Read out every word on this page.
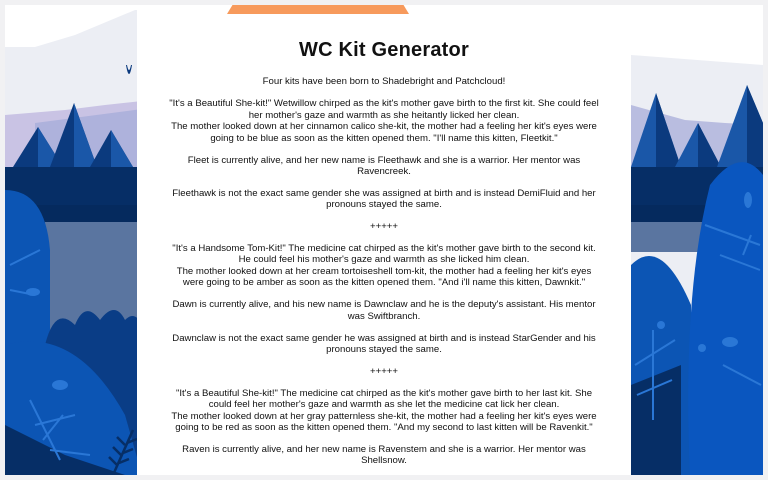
WC Kit Generator

Four kits have been born to Shadebright and Patchcloud!

"It's a Beautiful She-kit!" Wetwillow chirped as the kit's mother gave birth to the first kit. She could feel her mother's gaze and warmth as she heitantly licked her clean.
The mother looked down at her cinnamon calico she-kit, the mother had a feeling her kit's eyes were going to be blue as soon as the kitten opened them. "I'll name this kitten, Fleetkit."

Fleet is currently alive, and her new name is Fleethawk and she is a warrior. Her mentor was Ravencreek.

Fleethawk is not the exact same gender she was assigned at birth and is instead DemiFluid and her pronouns stayed the same.

+++++

"It's a Handsome Tom-Kit!" The medicine cat chirped as the kit's mother gave birth to the second kit. He could feel his mother's gaze and warmth as she licked him clean.
The mother looked down at her cream tortoiseshell tom-kit, the mother had a feeling her kit's eyes were going to be amber as soon as the kitten opened them. "And i'll name this kitten, Dawnkit."

Dawn is currently alive, and his new name is Dawnclaw and he is the deputy's assistant. His mentor was Swiftbranch.

Dawnclaw is not the exact same gender he was assigned at birth and is instead StarGender and his pronouns stayed the same.

+++++

"It's a Beautiful She-kit!" The medicine cat chirped as the kit's mother gave birth to her last kit. She could feel her mother's gaze and warmth as she let the medicine cat lick her clean.
The mother looked down at her gray patternless she-kit, the mother had a feeling her kit's eyes were going to be red as soon as the kitten opened them. "And my second to last kitten will be Ravenkit."

Raven is currently alive, and her new name is Ravenstem and she is a warrior. Her mentor was Shellsnow.
